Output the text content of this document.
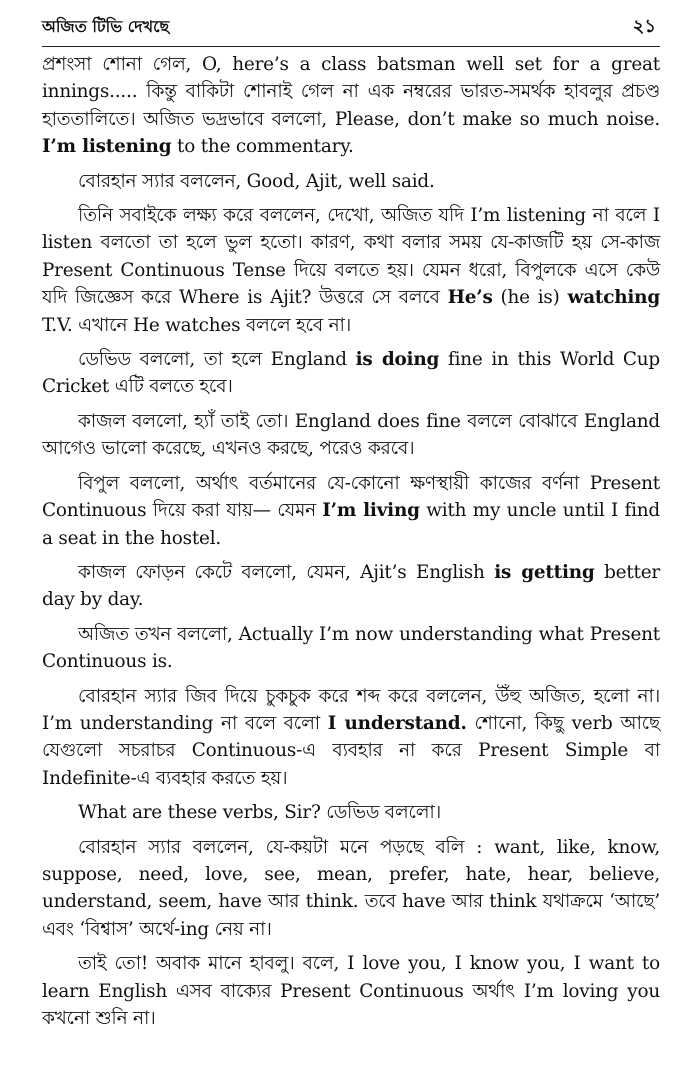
অজিত টিভি দেখছে	২১

প্রশংসা শোনা গেল, O, here’s a class batsman well set for a great innings..... কিন্তু বাকিটা শোনাই গেল না এক নম্বরের ভারত-সমর্থক হাবলুর প্রচণ্ড হাততালিতে। অজিত ভদ্রভাবে বললো, Please, don’t make so much noise. I’m listening to the commentary.

বোরহান স্যার বললেন, Good, Ajit, well said.

তিনি সবাইকে লক্ষ্য করে বললেন, দেখো, অজিত যদি I’m listening না বলে I listen বলতো তা হলে ভুল হতো। কারণ, কথা বলার সময় যে-কাজটি হয় সে-কাজ Present Continuous Tense দিয়ে বলতে হয়। যেমন ধরো, বিপুলকে এসে কেউ যদি জিজ্ঞেস করে Where is Ajit? উত্তরে সে বলবে He’s (he is) watching T.V. এখানে He watches বললে হবে না।

ডেভিড বললো, তা হলে England is doing fine in this World Cup Cricket এটি বলতে হবে।

কাজল বললো, হ্যাঁ তাই তো। England does fine বললে বোঝাবে England আগেও ভালো করেছে, এখনও করছে, পরেও করবে।

বিপুল বললো, অর্থাৎ বর্তমানের যে-কোনো ক্ষণস্থায়ী কাজের বর্ণনা Present Continuous দিয়ে করা যায়— যেমন I’m living with my uncle until I find a seat in the hostel.

কাজল ফোড়ন কেটে বললো, যেমন, Ajit’s English is getting better day by day.

অজিত তখন বললো, Actually I’m now understanding what Present Continuous is.

বোরহান স্যার জিব দিয়ে চুকচুক করে শব্দ করে বললেন, উঁহু অজিত, হলো না। I’m understanding না বলে বলো I understand. শোনো, কিছু verb আছে যেগুলো সচরাচর Continuous-এ ব্যবহার না করে Present Simple বা Indefinite-এ ব্যবহার করতে হয়।

What are these verbs, Sir? ডেভিড বললো।

বোরহান স্যার বললেন, যে-কয়টা মনে পড়ছে বলি : want, like, know, suppose, need, love, see, mean, prefer, hate, hear, believe, understand, seem, have আর think. তবে have আর think যথাক্রমে ‘আছে’ এবং ‘বিশ্বাস’ অর্থে-ing নেয় না।

তাই তো! অবাক মানে হাবলু। বলে, I love you, I know you, I want to learn English এসব বাক্যের Present Continuous অর্থাৎ I’m loving you কখনো শুনি না।
